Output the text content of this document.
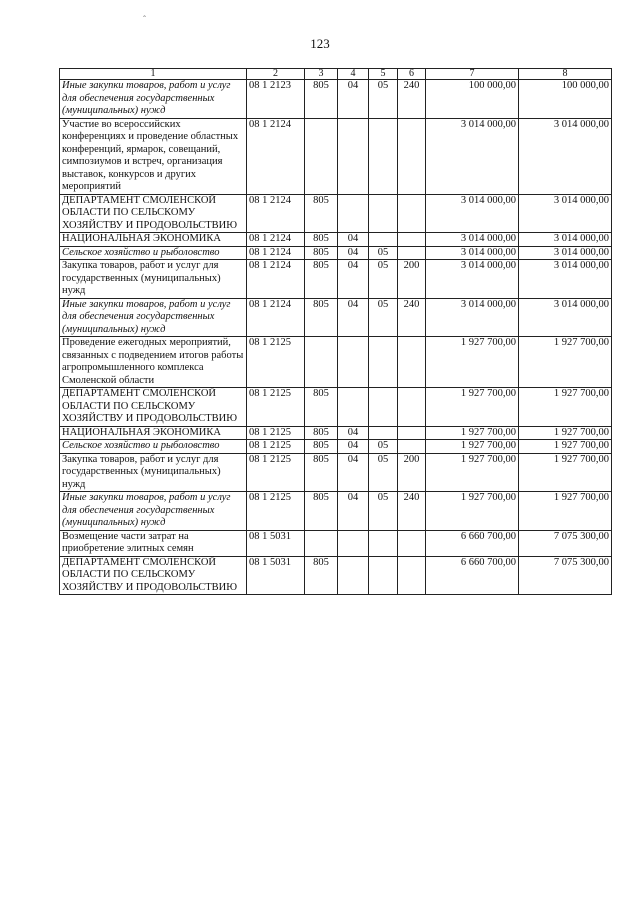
123
ˆ
1	2	3	4	5	6	7	8
Иные закупки товаров, работ и услуг для обеспечения государственных (муниципальных) нужд	08 1 2123	805	04	05	240	100 000,00	100 000,00
Участие во всероссийских конференциях и проведение областных конференций, ярмарок, совещаний, симпозиумов и встреч, организация выставок, конкурсов и других мероприятий	08 1 2124					3 014 000,00	3 014 000,00
ДЕПАРТАМЕНТ СМОЛЕНСКОЙ ОБЛАСТИ ПО СЕЛЬСКОМУ ХОЗЯЙСТВУ И ПРОДОВОЛЬСТВИЮ	08 1 2124	805				3 014 000,00	3 014 000,00
НАЦИОНАЛЬНАЯ ЭКОНОМИКА	08 1 2124	805	04			3 014 000,00	3 014 000,00
Сельское хозяйство и рыболовство	08 1 2124	805	04	05		3 014 000,00	3 014 000,00
Закупка товаров, работ и услуг для государственных (муниципальных) нужд	08 1 2124	805	04	05	200	3 014 000,00	3 014 000,00
Иные закупки товаров, работ и услуг для обеспечения государственных (муниципальных) нужд	08 1 2124	805	04	05	240	3 014 000,00	3 014 000,00
Проведение ежегодных мероприятий, связанных с подведением итогов работы агропромышленного комплекса Смоленской области	08 1 2125					1 927 700,00	1 927 700,00
ДЕПАРТАМЕНТ СМОЛЕНСКОЙ ОБЛАСТИ ПО СЕЛЬСКОМУ ХОЗЯЙСТВУ И ПРОДОВОЛЬСТВИЮ	08 1 2125	805				1 927 700,00	1 927 700,00
НАЦИОНАЛЬНАЯ ЭКОНОМИКА	08 1 2125	805	04			1 927 700,00	1 927 700,00
Сельское хозяйство и рыболовство	08 1 2125	805	04	05		1 927 700,00	1 927 700,00
Закупка товаров, работ и услуг для государственных (муниципальных) нужд	08 1 2125	805	04	05	200	1 927 700,00	1 927 700,00
Иные закупки товаров, работ и услуг для обеспечения государственных (муниципальных) нужд	08 1 2125	805	04	05	240	1 927 700,00	1 927 700,00
Возмещение части затрат на приобретение элитных семян	08 1 5031					6 660 700,00	7 075 300,00
ДЕПАРТАМЕНТ СМОЛЕНСКОЙ ОБЛАСТИ ПО СЕЛЬСКОМУ ХОЗЯЙСТВУ И ПРОДОВОЛЬСТВИЮ	08 1 5031	805				6 660 700,00	7 075 300,00
